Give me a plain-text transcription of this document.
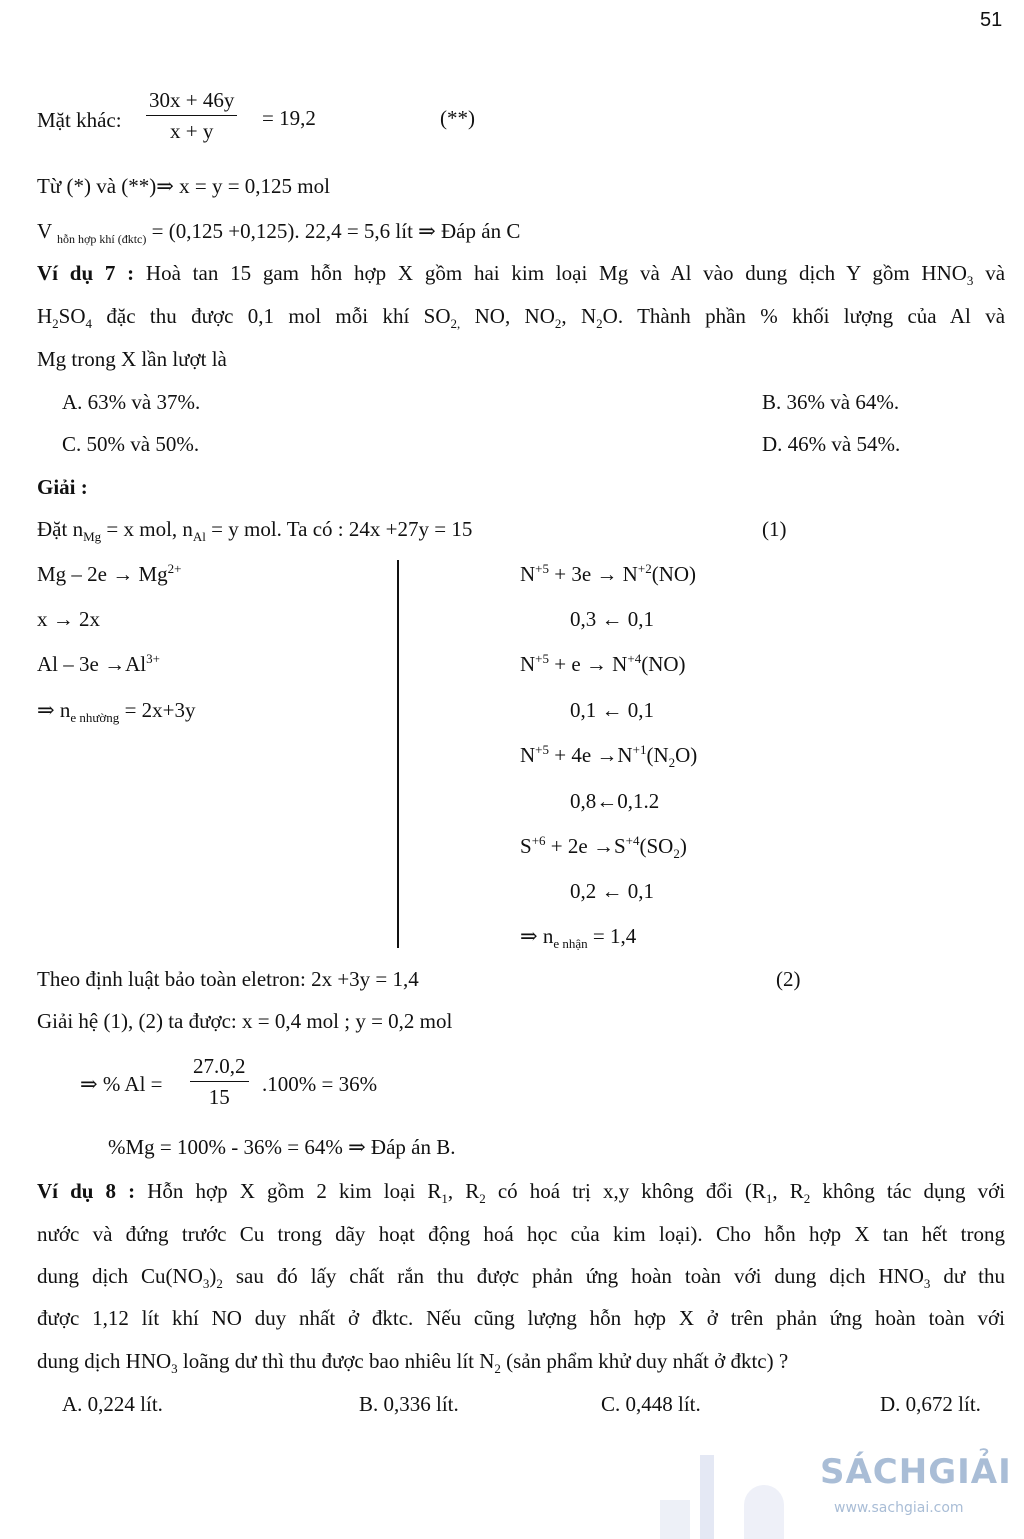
51
Mặt khác: $\frac{30x + 46y}{x + y} = 19,2$	(**)
Từ (*) và (**)⇒ x = y = 0,125 mol
V $_{hỗn hợp khí (đktc)}$ = (0,125 +0,125). 22,4 = 5,6 lít ⇒ Đáp án C
Ví dụ 7 : Hoà tan 15 gam hỗn hợp X gồm hai kim loại Mg và Al vào dung dịch Y gồm $HNO_3$ và
$H_2SO_4$ đặc thu được 0,1 mol mỗi khí $SO_{2,}$ NO, $NO_2$, $N_2O$. Thành phần % khối lượng của Al và
Mg trong X lần lượt là
A. 63% và 37%.	B. 36% và 64%.
C. 50% và 50%.	D. 46% và 54%.
Giải :
Đặt $n_{Mg} = x$ mol, $n_{Al} = y$ mol. Ta có : 24x +27y = 15	(1)
$Mg - 2e \to Mg^{2+}$
x → 2x
$Al - 3e \to Al^{3+}$
⇒ $n_{e nhường} = 2x+3y$
$N^{+5} + 3e \to N^{+2}(NO)$
0,3 ← 0,1
$N^{+5} + e \to N^{+4}(NO)$
0,1 ← 0,1
$N^{+5} + 4e \to N^{+1}(N_2O)$
0,8←0,1.2
$S^{+6} + 2e \to S^{+4}(SO_2)$
0,2 ← 0,1
⇒ $n_{e nhận} = 1,4$
Theo định luật bảo toàn eletron: 2x +3y = 1,4	(2)
Giải hệ (1), (2) ta được: x = 0,4 mol ; y = 0,2 mol
⇒ % $Al = \frac{27.0,2}{15} .100\% = 36\%$
%Mg = 100% - 36% = 64% ⇒ Đáp án B.
Ví dụ 8 : Hỗn hợp X gồm 2 kim loại $R_1$, $R_2$ có hoá trị x,y không đổi ($R_1$, $R_2$ không tác dụng với
nước và đứng trước Cu trong dãy hoạt động hoá học của kim loại). Cho hỗn hợp X tan hết trong
dung dịch $Cu(NO_3)_2$ sau đó lấy chất rắn thu được phản ứng hoàn toàn với dung dịch $HNO_3$ dư thu
được 1,12 lít khí NO duy nhất ở đktc. Nếu cũng lượng hỗn hợp X ở trên phản ứng hoàn toàn với
dung dịch $HNO_3$ loãng dư thì thu được bao nhiêu lít $N_2$ (sản phẩm khử duy nhất ở đktc) ?
A. 0,224 lít.	B. 0,336 lít.	C. 0,448 lít.	D. 0,672 lít.
SÁCHGIẢI
www.sachgiai.com
